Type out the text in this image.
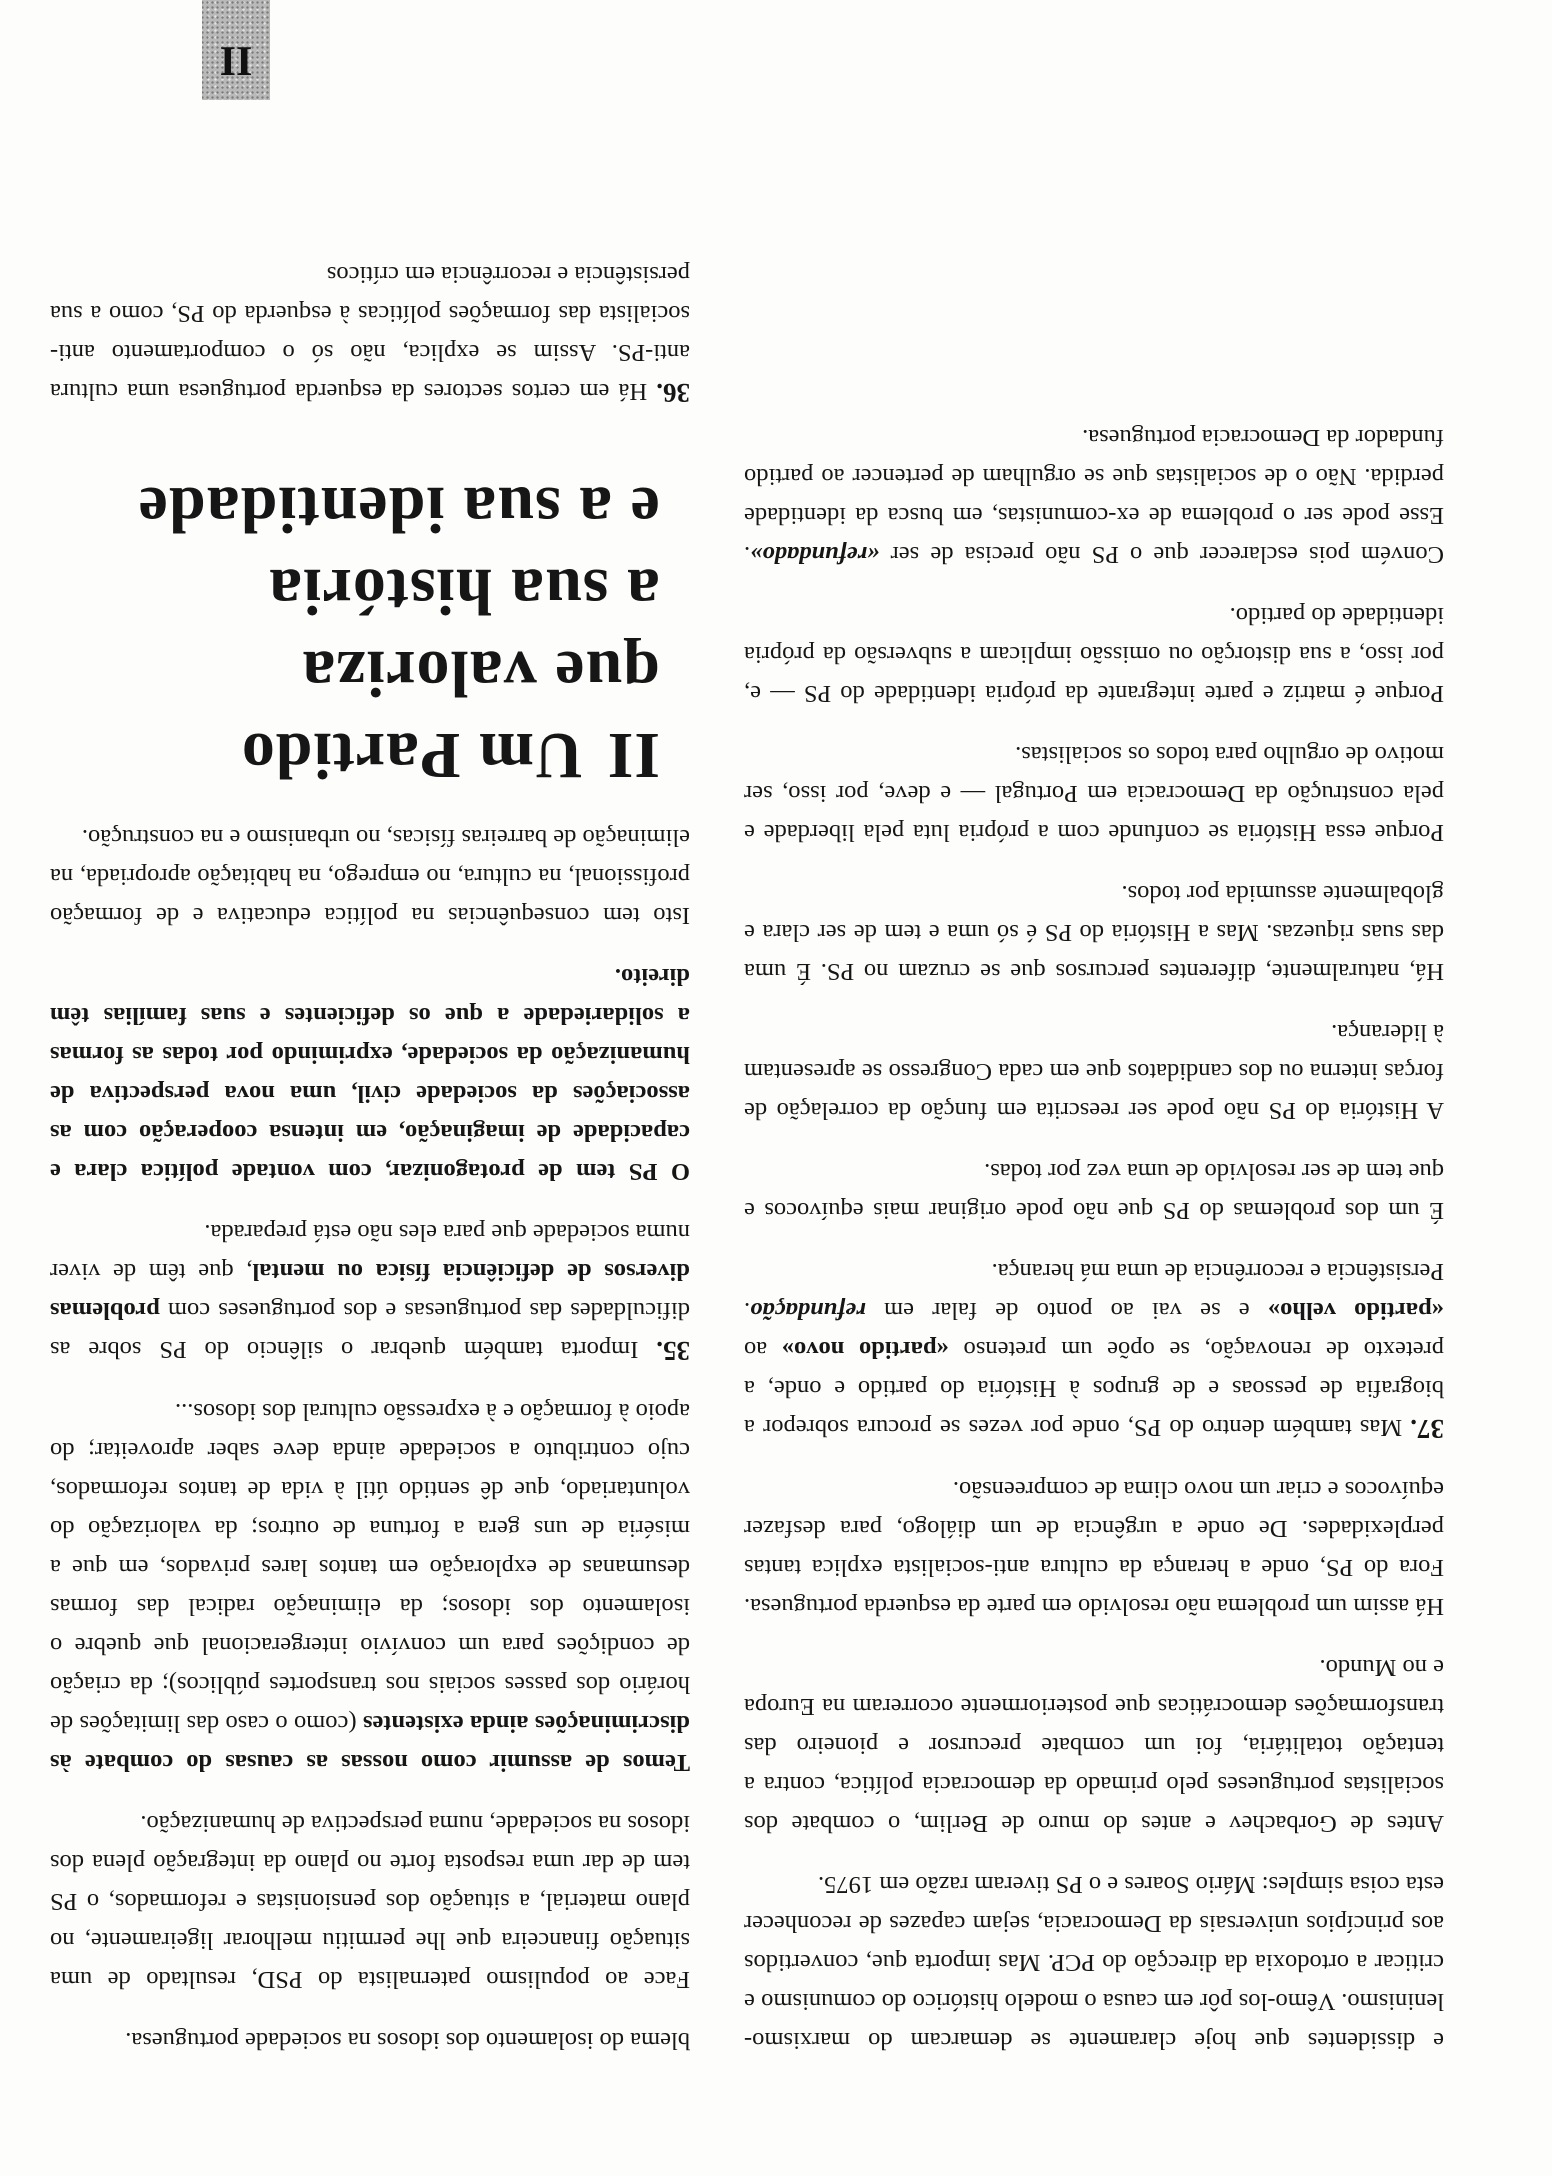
e dissidentes que hoje claramente se demarcam do marxismo-leninismo. Vêmo-los pôr em causa o modelo histórico do comunismo e criticar a ortodoxia da direcção do PCP. Mas importa que, convertidos aos princípios universais da Democracia, sejam capazes de reconhecer esta coisa simples: Mário Soares e o PS tiveram razão em 1975.

Antes de Gorbachev e antes do muro de Berlim, o combate dos socialistas portugueses pelo primado da democracia política, contra a tentação totalitária, foi um combate precursor e pioneiro das transformações democráticas que posteriormente ocorreram na Europa e no Mundo.

Há assim um problema não resolvido em parte da esquerda portuguesa. Fora do PS, onde a herança da cultura anti-socialista explica tantas perplexidades. De onde a urgência de um diálogo, para desfazer equívocos e criar um novo clima de compreensão.

37. Mas também dentro do PS, onde por vezes se procura sobrepor a biografia de pessoas e de grupos à História do partido e onde, a pretexto de renovação, se opõe um pretenso «partido novo» ao «partido velho» e se vai ao ponto de falar em refundação. Persistência e recorrência de uma má herança.

É um dos problemas do PS que não pode originar mais equívocos e que tem de ser resolvido de uma vez por todas.

A História do PS não pode ser reescrita em função da correlação de forças interna ou dos candidatos que em cada Congresso se apresentam à liderança.

Há, naturalmente, diferentes percursos que se cruzam no PS. É uma das suas riquezas. Mas a História do PS é só uma e tem de ser clara e globalmente assumida por todos.

Porque essa História se confunde com a própria luta pela liberdade e pela construção da Democracia em Portugal — e deve, por isso, ser motivo de orgulho para todos os socialistas.

Porque é matriz e parte integrante da própria identidade do PS — e, por isso, a sua distorção ou omissão implicam a subversão da própria identidade do partido.

Convém pois esclarecer que o PS não precisa de ser «refundado». Esse pode ser o problema de ex-comunistas, em busca da identidade perdida. Não o de socialistas que se orgulham de pertencer ao partido fundador da Democracia portuguesa.

blema do isolamento dos idosos na sociedade portuguesa.

Face ao populismo paternalista do PSD, resultado de uma situação financeira que lhe permitiu melhorar ligeiramente, no plano material, a situação dos pensionistas e reformados, o PS tem de dar uma resposta forte no plano da integração plena dos idosos na sociedade, numa perspectiva de humanização.

Temos de assumir como nossas as causas do combate às discriminações ainda existentes (como o caso das limitações de horário dos passes sociais nos transportes públicos); da criação de condições para um convívio intergeracional que quebre o isolamento dos idosos; da eliminação radical das formas desumanas de exploração em tantos lares privados, em que a miséria de uns gera a fortuna de outros; da valorização do voluntariado, que dê sentido útil à vida de tantos reformados, cujo contributo a sociedade ainda deve saber aproveitar; do apoio à formação e à expressão cultural dos idosos...

35. Importa também quebrar o silêncio do PS sobre as dificuldades das portuguesas e dos portugueses com problemas diversos de deficiência física ou mental, que têm de viver numa sociedade que para eles não está preparada.

O PS tem de protagonizar, com vontade política clara e capacidade de imaginação, em intensa cooperação com as associações da sociedade civil, uma nova perspectiva de humanização da sociedade, exprimindo por todas as formas a solidariedade a que os deficientes e suas famílias têm direito.

Isto tem consequências na política educativa e de formação profissional, na cultura, no emprego, na habitação apropriada, na eliminação de barreiras físicas, no urbanismo e na construção.

IIUm Partido
que valoriza
a sua história
e a sua identidade

36. Há em certos sectores da esquerda portuguesa uma cultura anti-PS. Assim se explica, não só o comportamento anti-socialista das formações políticas à esquerda do PS, como a sua persistência e recorrência em críticos

II
